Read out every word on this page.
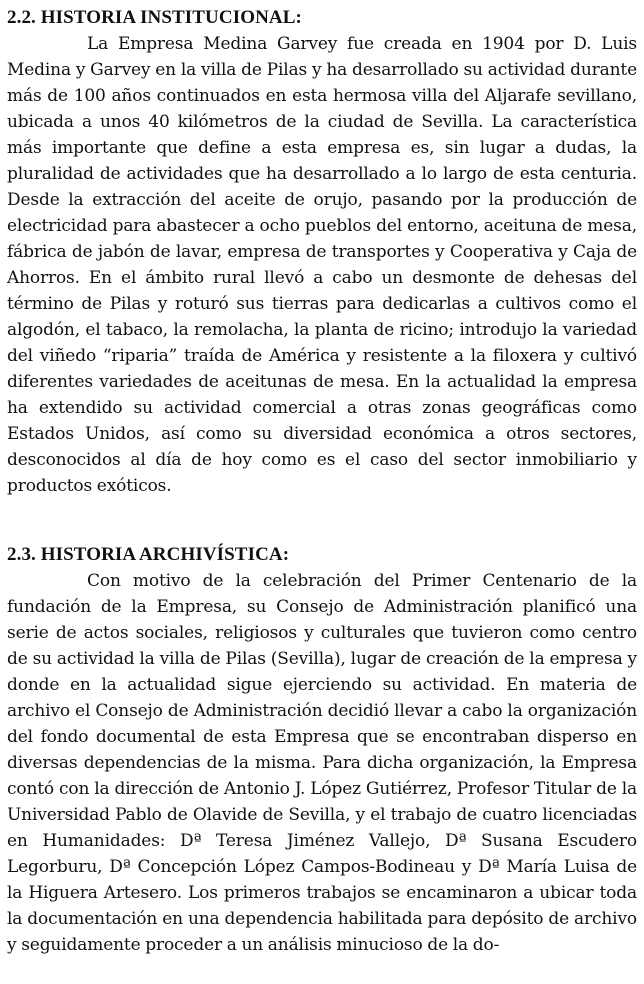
2.2. HISTORIA INSTITUCIONAL:

La Empresa Medina Garvey fue creada en 1904 por D. Luis Medina y Garvey en la villa de Pilas y ha desarrollado su actividad durante más de 100 años continuados en esta hermosa villa del Aljarafe sevillano, ubicada a unos 40 kilómetros de la ciudad de Sevilla. La característica más importante que define a esta empresa es, sin lugar a dudas, la pluralidad de actividades que ha desarrollado a lo largo de esta centuria. Desde la extracción del aceite de orujo, pasando por la producción de electricidad para abastecer a ocho pueblos del entorno, aceituna de mesa, fábrica de jabón de lavar, empresa de transportes y Cooperativa y Caja de Ahorros. En el ámbito rural llevó a cabo un desmonte de dehesas del término de Pilas y roturó sus tierras para dedicarlas a cultivos como el algodón, el tabaco, la remolacha, la planta de ricino; introdujo la variedad del viñedo “riparia” traída de América y resistente a la filoxera y cultivó diferentes variedades de aceitunas de mesa. En la actualidad la empresa ha extendido su actividad comercial a otras zonas geográficas como Estados Unidos, así como su diversidad económica a otros sectores, desconocidos al día de hoy como es el caso del sector inmobiliario y productos exóticos.

2.3. HISTORIA ARCHIVÍSTICA:

Con motivo de la celebración del Primer Centenario de la fundación de la Empresa, su Consejo de Administración planificó una serie de actos sociales, religiosos y culturales que tuvieron como centro de su actividad la villa de Pilas (Sevilla), lugar de creación de la empresa y donde en la actualidad sigue ejerciendo su actividad. En materia de archivo el Consejo de Administración decidió llevar a cabo la organización del fondo documental de esta Empresa que se encontraban disperso en diversas dependencias de la misma. Para dicha organización, la Empresa contó con la dirección de Antonio J. López Gutiérrez, Profesor Titular de la Universidad Pablo de Olavide de Sevilla, y el trabajo de cuatro licenciadas en Humanidades: Dª Teresa Jiménez Vallejo, Dª Susana Escudero Legorburu, Dª Concepción López Campos-Bodineau y Dª María Luisa de la Higuera Artesero. Los primeros trabajos se encaminaron a ubicar toda la documentación en una dependencia habilitada para depósito de archivo y seguidamente proceder a un análisis minucioso de la do-
